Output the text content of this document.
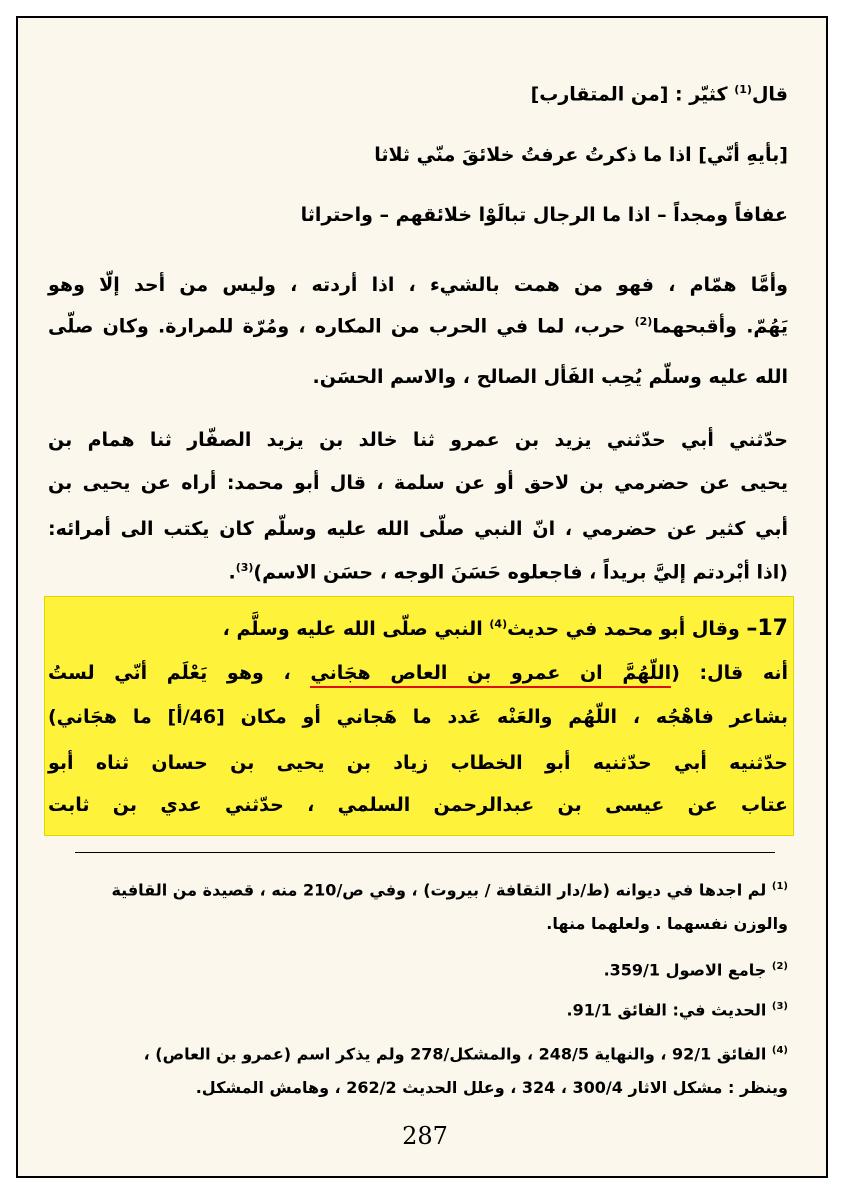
قال$^{(1)}$ كثيّر : [من المتقارب]
[بأيهِ أنّي] اذا ما ذكرتُ عرفتُ خلائقَ منّي ثلاثا
عفافاً ومجداً – اذا ما الرجال تبالَوْا خلائقهم – واحتراثا
وأمَّا همّام ، فهو من همت بالشيء ، اذا أردته ، وليس من أحد إلّا وهو
يَهُمّ. وأقبحهما$^{(2)}$ حرب، لما في الحرب من المكاره ، ومُرّة للمرارة. وكان صلّى
الله عليه وسلّم يُحِب الفَأل الصالح ، والاسم الحسَن.
حدّثني أبي حدّثني يزيد بن عمرو ثنا خالد بن يزيد الصفّار ثنا همام بن
يحيى عن حضرمي بن لاحق أو عن سلمة ، قال أبو محمد: أراه عن يحيى بن
أبي كثير عن حضرمي ، انّ النبي صلّى الله عليه وسلّم كان يكتب الى أمرائه:
(اذا أبْردتم إليَّ بريداً ، فاجعلوه حَسَنَ الوجه ، حسَن الاسم)$^{(3)}$.
17– وقال أبو محمد في حديث$^{(4)}$ النبي صلّى الله عليه وسلَّم ،
أنه قال: (اللّهُمَّ ان عمرو بن العاص هجَاني ، وهو يَعْلَم أنّي لستُ
بشاعر فاهْجُه ، اللّهُم والعَنْه عَدد ما هَجاني أو مكان [46/أ] ما هجَاني)
حدّثنيه أبي حدّثنيه أبو الخطاب زياد بن يحيى بن حسان ثناه أبو
عتاب عن عيسى بن عبدالرحمن السلمي ، حدّثني عدي بن ثابت
$^{(1)}$ لم اجدها في ديوانه (ط/دار الثقافة / بيروت) ، وفي ص/210 منه ، قصيدة من القافية
والوزن نفسهما . ولعلهما منها.
$^{(2)}$ جامع الاصول 359/1.
$^{(3)}$ الحديث في: الفائق 91/1.
$^{(4)}$ الفائق 92/1 ، والنهاية 248/5 ، والمشكل/278 ولم يذكر اسم (عمرو بن العاص) ،
وينظر : مشكل الاثار 300/4 ، 324 ، وعلل الحديث 262/2 ، وهامش المشكل.
287
